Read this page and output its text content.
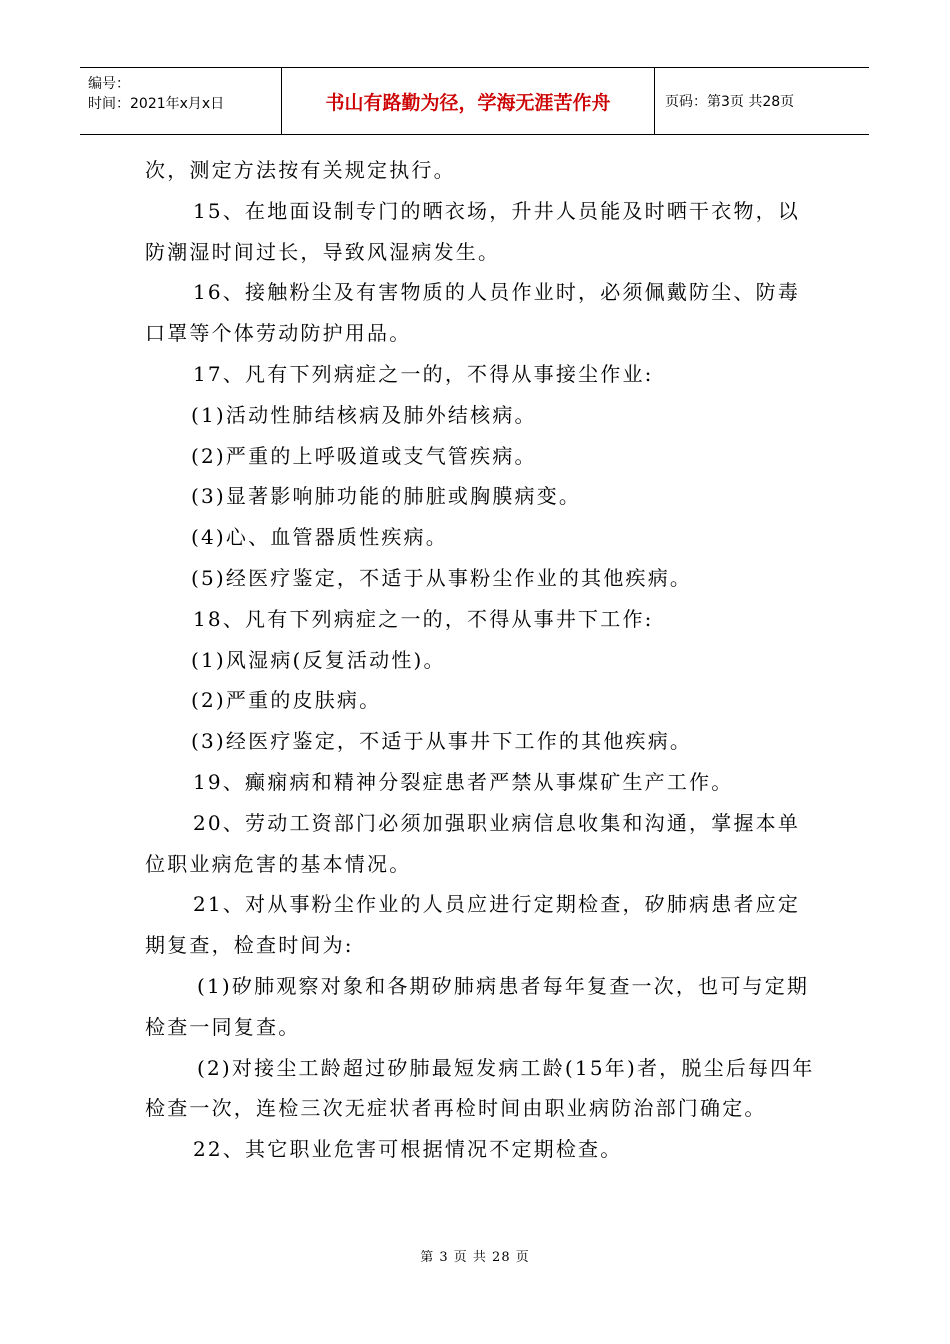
编号：
时间：2021年x月x日	书山有路勤为径，学海无涯苦作舟	页码：第3页 共28页

次，测定方法按有关规定执行。

15、在地面设制专门的晒衣场，升井人员能及时晒干衣物，以防潮湿时间过长，导致风湿病发生。

16、接触粉尘及有害物质的人员作业时，必须佩戴防尘、防毒口罩等个体劳动防护用品。

17、凡有下列病症之一的，不得从事接尘作业:

(1)活动性肺结核病及肺外结核病。

(2)严重的上呼吸道或支气管疾病。

(3)显著影响肺功能的肺脏或胸膜病变。

(4)心、血管器质性疾病。

(5)经医疗鉴定，不适于从事粉尘作业的其他疾病。

18、凡有下列病症之一的，不得从事井下工作:

(1)风湿病(反复活动性)。

(2)严重的皮肤病。

(3)经医疗鉴定，不适于从事井下工作的其他疾病。

19、癫痫病和精神分裂症患者严禁从事煤矿生产工作。

20、劳动工资部门必须加强职业病信息收集和沟通，掌握本单位职业病危害的基本情况。

21、对从事粉尘作业的人员应进行定期检查，矽肺病患者应定期复查，检查时间为:

(1)矽肺观察对象和各期矽肺病患者每年复查一次，也可与定期检查一同复查。

(2)对接尘工龄超过矽肺最短发病工龄(15年)者，脱尘后每四年检查一次，连检三次无症状者再检时间由职业病防治部门确定。

22、其它职业危害可根据情况不定期检查。

第 3 页 共 28 页
